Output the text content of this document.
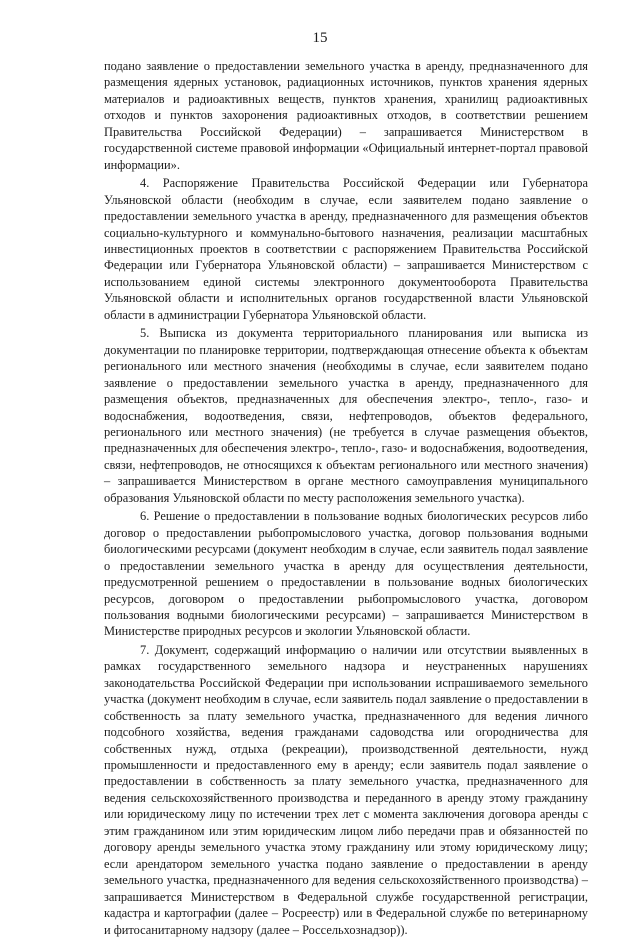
15

подано заявление о предоставлении земельного участка в аренду, предназначенного для размещения ядерных установок, радиационных источников, пунктов хранения ядерных материалов и радиоактивных веществ, пунктов хранения, хранилищ радиоактивных отходов и пунктов захоронения радиоактивных отходов, в соответствии решением Правительства Российской Федерации) – запрашивается Министерством в государственной системе правовой информации «Официальный интернет-портал правовой информации».

4. Распоряжение Правительства Российской Федерации или Губернатора Ульяновской области (необходим в случае, если заявителем подано заявление о предоставлении земельного участка в аренду, предназначенного для размещения объектов социально-культурного и коммунально-бытового назначения, реализации масштабных инвестиционных проектов в соответствии с распоряжением Правительства Российской Федерации или Губернатора Ульяновской области) – запрашивается Министерством с использованием единой системы электронного документооборота Правительства Ульяновской области и исполнительных органов государственной власти Ульяновской области в администрации Губернатора Ульяновской области.

5. Выписка из документа территориального планирования или выписка из документации по планировке территории, подтверждающая отнесение объекта к объектам регионального или местного значения (необходимы в случае, если заявителем подано заявление о предоставлении земельного участка в аренду, предназначенного для размещения объектов, предназначенных для обеспечения электро-, тепло-, газо- и водоснабжения, водоотведения, связи, нефтепроводов, объектов федерального, регионального или местного значения) (не требуется в случае размещения объектов, предназначенных для обеспечения электро-, тепло-, газо- и водоснабжения, водоотведения, связи, нефтепроводов, не относящихся к объектам регионального или местного значения) – запрашивается Министерством в органе местного самоуправления муниципального образования Ульяновской области по месту расположения земельного участка).

6. Решение о предоставлении в пользование водных биологических ресурсов либо договор о предоставлении рыбопромыслового участка, договор пользования водными биологическими ресурсами (документ необходим в случае, если заявитель подал заявление о предоставлении земельного участка в аренду для осуществления деятельности, предусмотренной решением о предоставлении в пользование водных биологических ресурсов, договором о предоставлении рыбопромыслового участка, договором пользования водными биологическими ресурсами) – запрашивается Министерством в Министерстве природных ресурсов и экологии Ульяновской области.

7. Документ, содержащий информацию о наличии или отсутствии выявленных в рамках государственного земельного надзора и неустраненных нарушениях законодательства Российской Федерации при использовании испрашиваемого земельного участка (документ необходим в случае, если заявитель подал заявление о предоставлении в собственность за плату земельного участка, предназначенного для ведения личного подсобного хозяйства, ведения гражданами садоводства или огородничества для собственных нужд, отдыха (рекреации), производственной деятельности, нужд промышленности и предоставленного ему в аренду; если заявитель подал заявление о предоставлении в собственность за плату земельного участка, предназначенного для ведения сельскохозяйственного производства и переданного в аренду этому гражданину или юридическому лицу по истечении трех лет с момента заключения договора аренды с этим гражданином или этим юридическим лицом либо передачи прав и обязанностей по договору аренды земельного участка этому гражданину или этому юридическому лицу; если арендатором земельного участка подано заявление о предоставлении в аренду земельного участка, предназначенного для ведения сельскохозяйственного производства) – запрашивается Министерством в Федеральной службе государственной регистрации, кадастра и картографии (далее – Росреестр) или в Федеральной службе по ветеринарному и фитосанитарному надзору (далее – Россельхознадзор)).
